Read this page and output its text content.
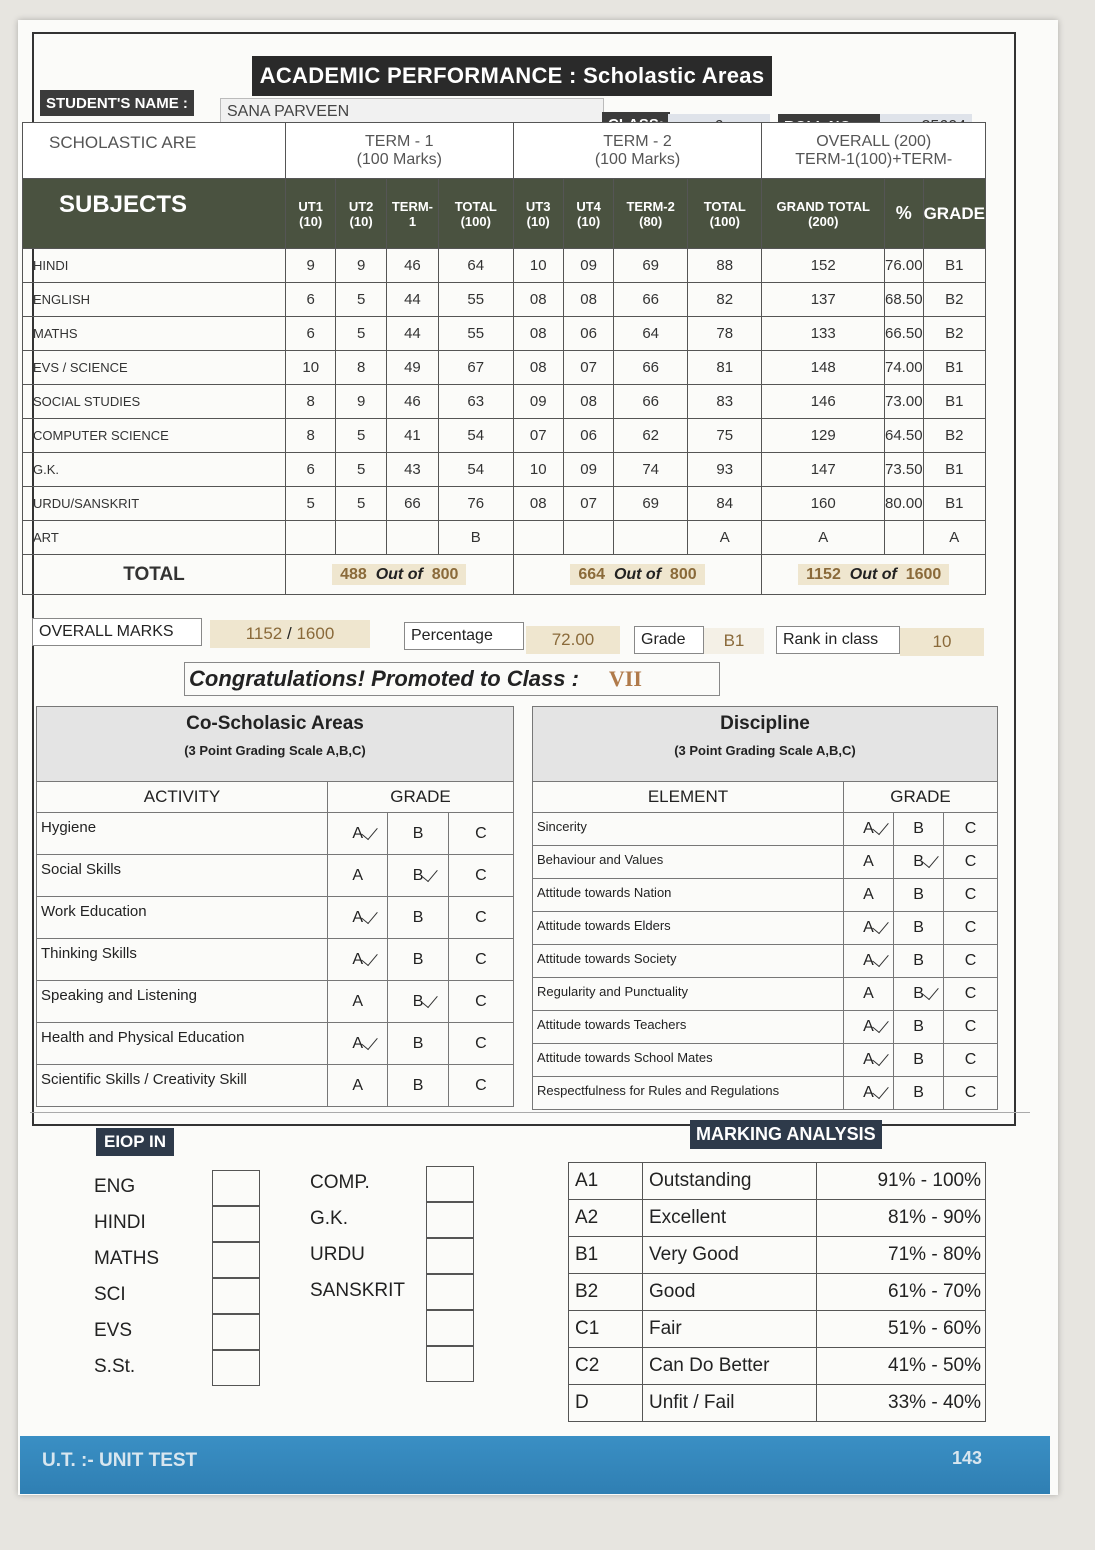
ACADEMIC PERFORMANCE : Scholastic Areas
STUDENT'S NAME :	SANA PARVEEN
SCHOLASTIC ARE	TERM - 1
(100 Marks)				TERM - 2
(100 Marks)				OVERALL (200)
TERM-1(100)+TERM-		
SUBJECTS	UT1 (10)	UT2 (10)	TERM- 1	TOTAL (100)	UT3 (10)	UT4 (10)	TERM-2 (80)	TOTAL (100)	GRAND TOTAL (200)	%	GRADE
HINDI	9	9	46	64	10	09	69	88	152	76.00	B1
ENGLISH	6	5	44	55	08	08	66	82	137	68.50	B2
MATHS	6	5	44	55	08	06	64	78	133	66.50	B2
EVS / SCIENCE	10	8	49	67	08	07	66	81	148	74.00	B1
SOCIAL STUDIES	8	9	46	63	09	08	66	83	146	73.00	B1
COMPUTER SCIENCE	8	5	41	54	07	06	62	75	129	64.50	B2
G.K.	6	5	43	54	10	09	74	93	147	73.50	B1
URDU/SANSKRIT	5	5	66	76	08	07	69	84	160	80.00	B1
ART				B				A	A		A
TOTAL	488 Out of 800				664 Out of 800				1152 Out of 1600		
OVERALL MARKS	1152
/
1600	Percentage	72.00	Grade	B1	Rank in class	10
Congratulations! Promoted to Class : VII
Co-Scholasic Areas
(3 Point Grading Scale A,B,C)			

ACTIVITY	GRADE		
Hygiene	A	B	C
Social Skills	A	B	C
Work Education	A	B	C
Thinking Skills	A	B	C
Speaking and Listening	A	B	C
Health and Physical Education	A	B	C
Scientific Skills / Creativity Skill	A	B	C
Discipline
(3 Point Grading Scale A,B,C)			

ELEMENT	GRADE		
Sincerity	A	B	C
Behaviour and Values	A	B	C
Attitude towards Nation	A	B	C
Attitude towards Elders	A	B	C
Attitude towards Society	A	B	C
Regularity and Punctuality	A	B	C
Attitude towards Teachers	A	B	C
Attitude towards School Mates	A	B	C
Respectfulness for Rules and Regulations	A	B	C
EIOP IN
ENG
HINDI
MATHS
SCI
EVS
S.St.
COMP.
G.K.
URDU
SANSKRIT
MARKING ANALYSIS
A1	Outstanding	91% - 100%
A2	Excellent	81% - 90%
B1	Very Good	71% - 80%
B2	Good	61% - 70%
C1	Fair	51% - 60%
C2	Can Do Better	41% - 50%
D	Unfit / Fail	33% - 40%
U.T. :- UNIT TEST	143
